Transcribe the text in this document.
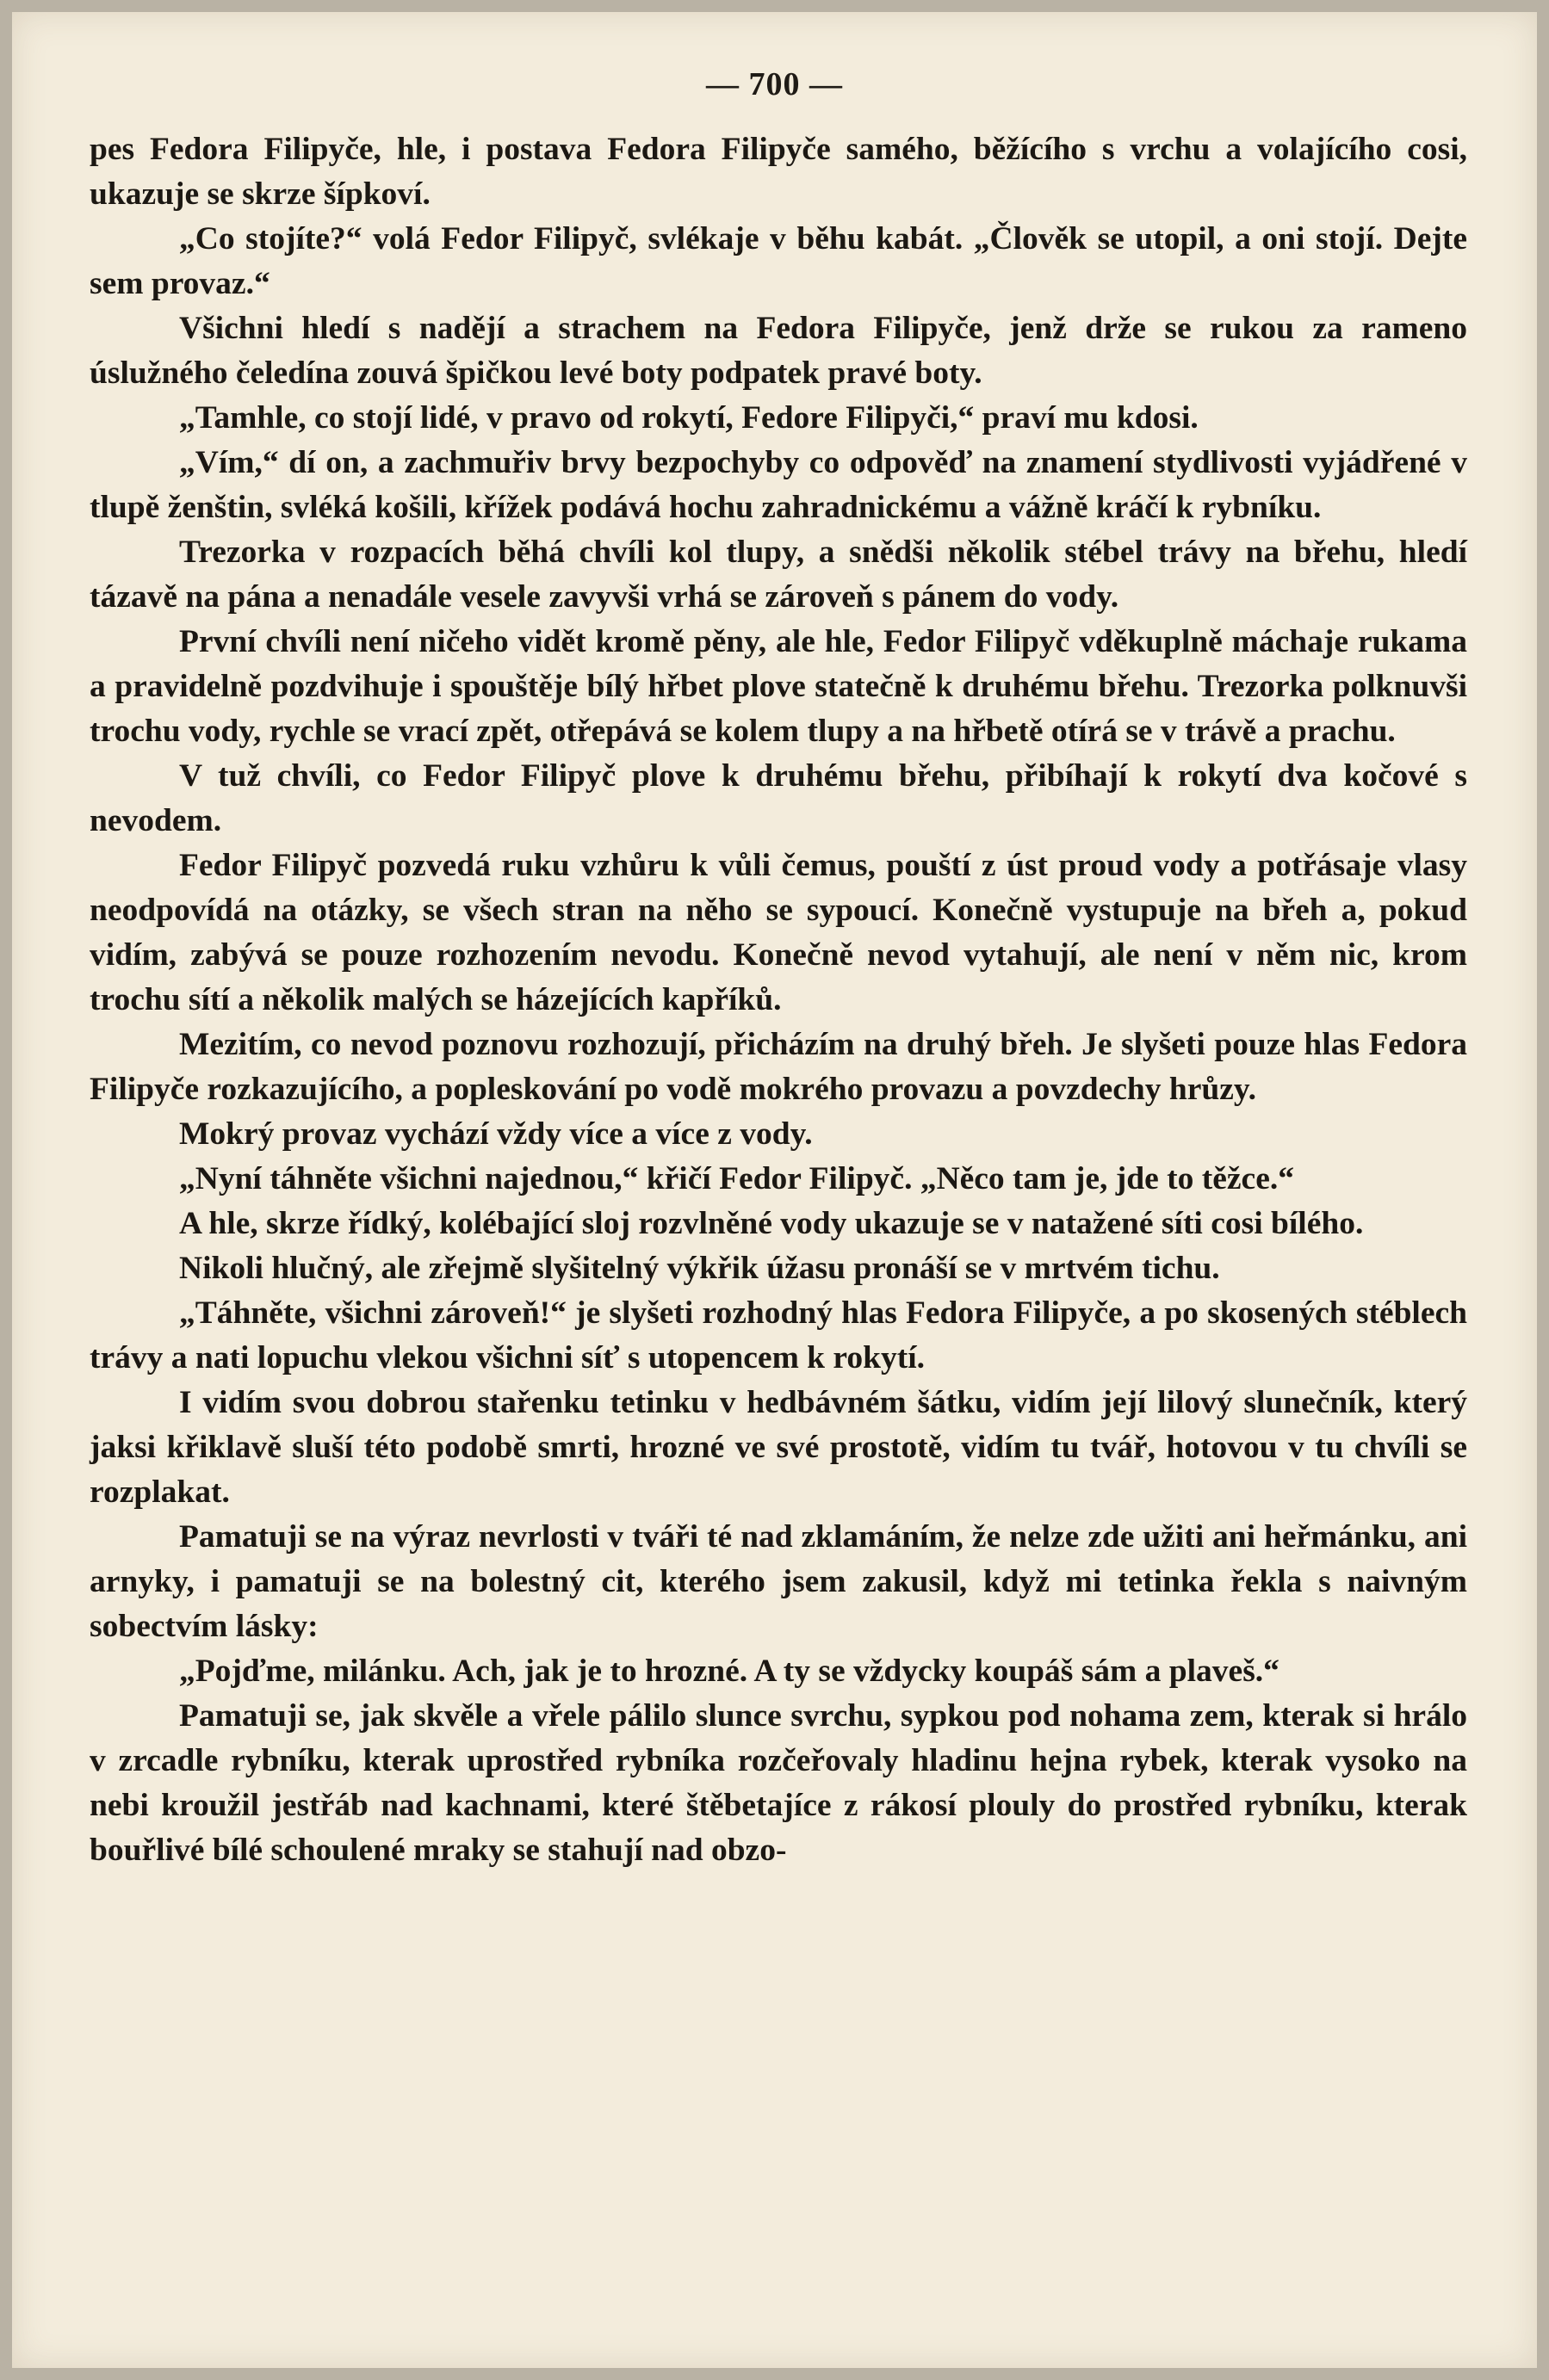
— 700 —

pes Fedora Filipyče, hle, i postava Fedora Filipyče samého, běžícího s vrchu a volajícího cosi, ukazuje se skrze šípkoví.

„Co stojíte?“ volá Fedor Filipyč, svlékaje v běhu kabát. „Člověk se utopil, a oni stojí. Dejte sem provaz.“

Všichni hledí s nadějí a strachem na Fedora Filipyče, jenž drže se rukou za rameno úslužného čeledína zouvá špičkou levé boty podpatek pravé boty.

„Tamhle, co stojí lidé, v pravo od rokytí, Fedore Filipyči,“ praví mu kdosi.

„Vím,“ dí on, a zachmuřiv brvy bezpochyby co odpověď na znamení stydlivosti vyjádřené v tlupě ženštin, svléká košili, křížek podává hochu zahradnickému a vážně kráčí k rybníku.

Trezorka v rozpacích běhá chvíli kol tlupy, a snědši několik stébel trávy na břehu, hledí tázavě na pána a nenadále vesele zavyvši vrhá se zároveň s pánem do vody.

První chvíli není ničeho vidět kromě pěny, ale hle, Fedor Filipyč vděkuplně máchaje rukama a pravidelně pozdvihuje i spouštěje bílý hřbet plove statečně k druhému břehu. Trezorka polknuvši trochu vody, rychle se vrací zpět, otřepává se kolem tlupy a na hřbetě otírá se v trávě a prachu.

V tuž chvíli, co Fedor Filipyč plove k druhému břehu, přibíhají k rokytí dva kočové s nevodem.

Fedor Filipyč pozvedá ruku vzhůru k vůli čemus, pouští z úst proud vody a potřásaje vlasy neodpovídá na otázky, se všech stran na něho se sypoucí. Konečně vystupuje na břeh a, pokud vidím, zabývá se pouze rozhozením nevodu. Konečně nevod vytahují, ale není v něm nic, krom trochu sítí a několik malých se házejících kapříků.

Mezitím, co nevod poznovu rozhozují, přicházím na druhý břeh. Je slyšeti pouze hlas Fedora Filipyče rozkazujícího, a popleskování po vodě mokrého provazu a povzdechy hrůzy.

Mokrý provaz vychází vždy více a více z vody.

„Nyní táhněte všichni najednou,“ křičí Fedor Filipyč. „Něco tam je, jde to těžce.“

A hle, skrze řídký, kolébající sloj rozvlněné vody ukazuje se v natažené síti cosi bílého.

Nikoli hlučný, ale zřejmě slyšitelný výkřik úžasu pronáší se v mrtvém tichu.

„Táhněte, všichni zároveň!“ je slyšeti rozhodný hlas Fedora Filipyče, a po skosených stéblech trávy a nati lopuchu vlekou všichni síť s utopencem k rokytí.

I vidím svou dobrou stařenku tetinku v hedbávném šátku, vidím její lilový slunečník, který jaksi křiklavě sluší této podobě smrti, hrozné ve své prostotě, vidím tu tvář, hotovou v tu chvíli se rozplakat.

Pamatuji se na výraz nevrlosti v tváři té nad zklamáním, že nelze zde užiti ani heřmánku, ani arnyky, i pamatuji se na bolestný cit, kterého jsem zakusil, když mi tetinka řekla s naivným sobectvím lásky:

„Pojďme, milánku. Ach, jak je to hrozné. A ty se vždycky koupáš sám a plaveš.“

Pamatuji se, jak skvěle a vřele pálilo slunce svrchu, sypkou pod nohama zem, kterak si hrálo v zrcadle rybníku, kterak uprostřed rybníka rozčeřovaly hladinu hejna rybek, kterak vysoko na nebi kroužil jestřáb nad kachnami, které štěbetajíce z rákosí plouly do prostřed rybníku, kterak bouřlivé bílé schoulené mraky se stahují nad obzo-
